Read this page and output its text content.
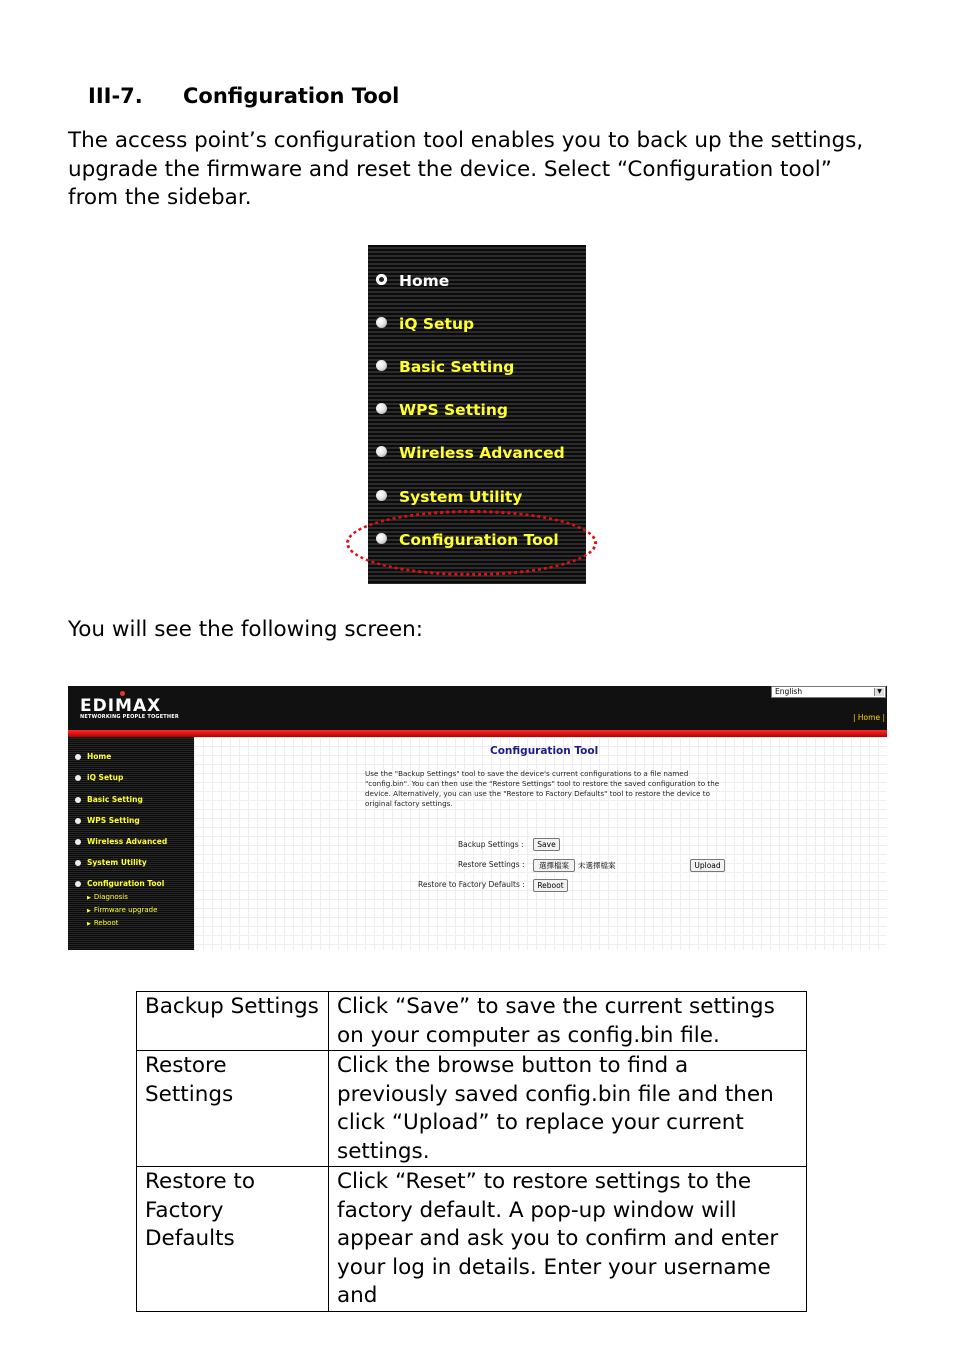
III-7. Configuration Tool
The access point’s configuration tool enables you to back up the settings, upgrade the firmware and reset the device. Select “Configuration tool” from the sidebar.
Home
iQ Setup
Basic Setting
WPS Setting
Wireless Advanced
System Utility
Configuration Tool
You will see the following screen:
EDIMAX
NETWORKING PEOPLE TOGETHER
English	▼
| Home |
Home
iQ Setup
Basic Setting
WPS Setting
Wireless Advanced
System Utility
Configuration Tool
▶ Diagnosis
▶ Firmware upgrade
▶ Reboot
Configuration Tool
Use the "Backup Settings" tool to save the device's current configurations to a file named "config.bin". You can then use the "Restore Settings" tool to restore the saved configuration to the device. Alternatively, you can use the "Restore to Factory Defaults" tool to restore the device to original factory settings.
Backup Settings :	Save
Restore Settings :	選擇檔案	未選擇檔案	Upload
Restore to Factory Defaults :	Reboot
Backup Settings	Click “Save” to save the current settings on your computer as config.bin file.
Restore Settings	Click the browse button to find a previously saved config.bin file and then click “Upload” to replace your current settings.
Restore to Factory Defaults	Click “Reset” to restore settings to the factory default. A pop-up window will appear and ask you to confirm and enter your log in details. Enter your username and
